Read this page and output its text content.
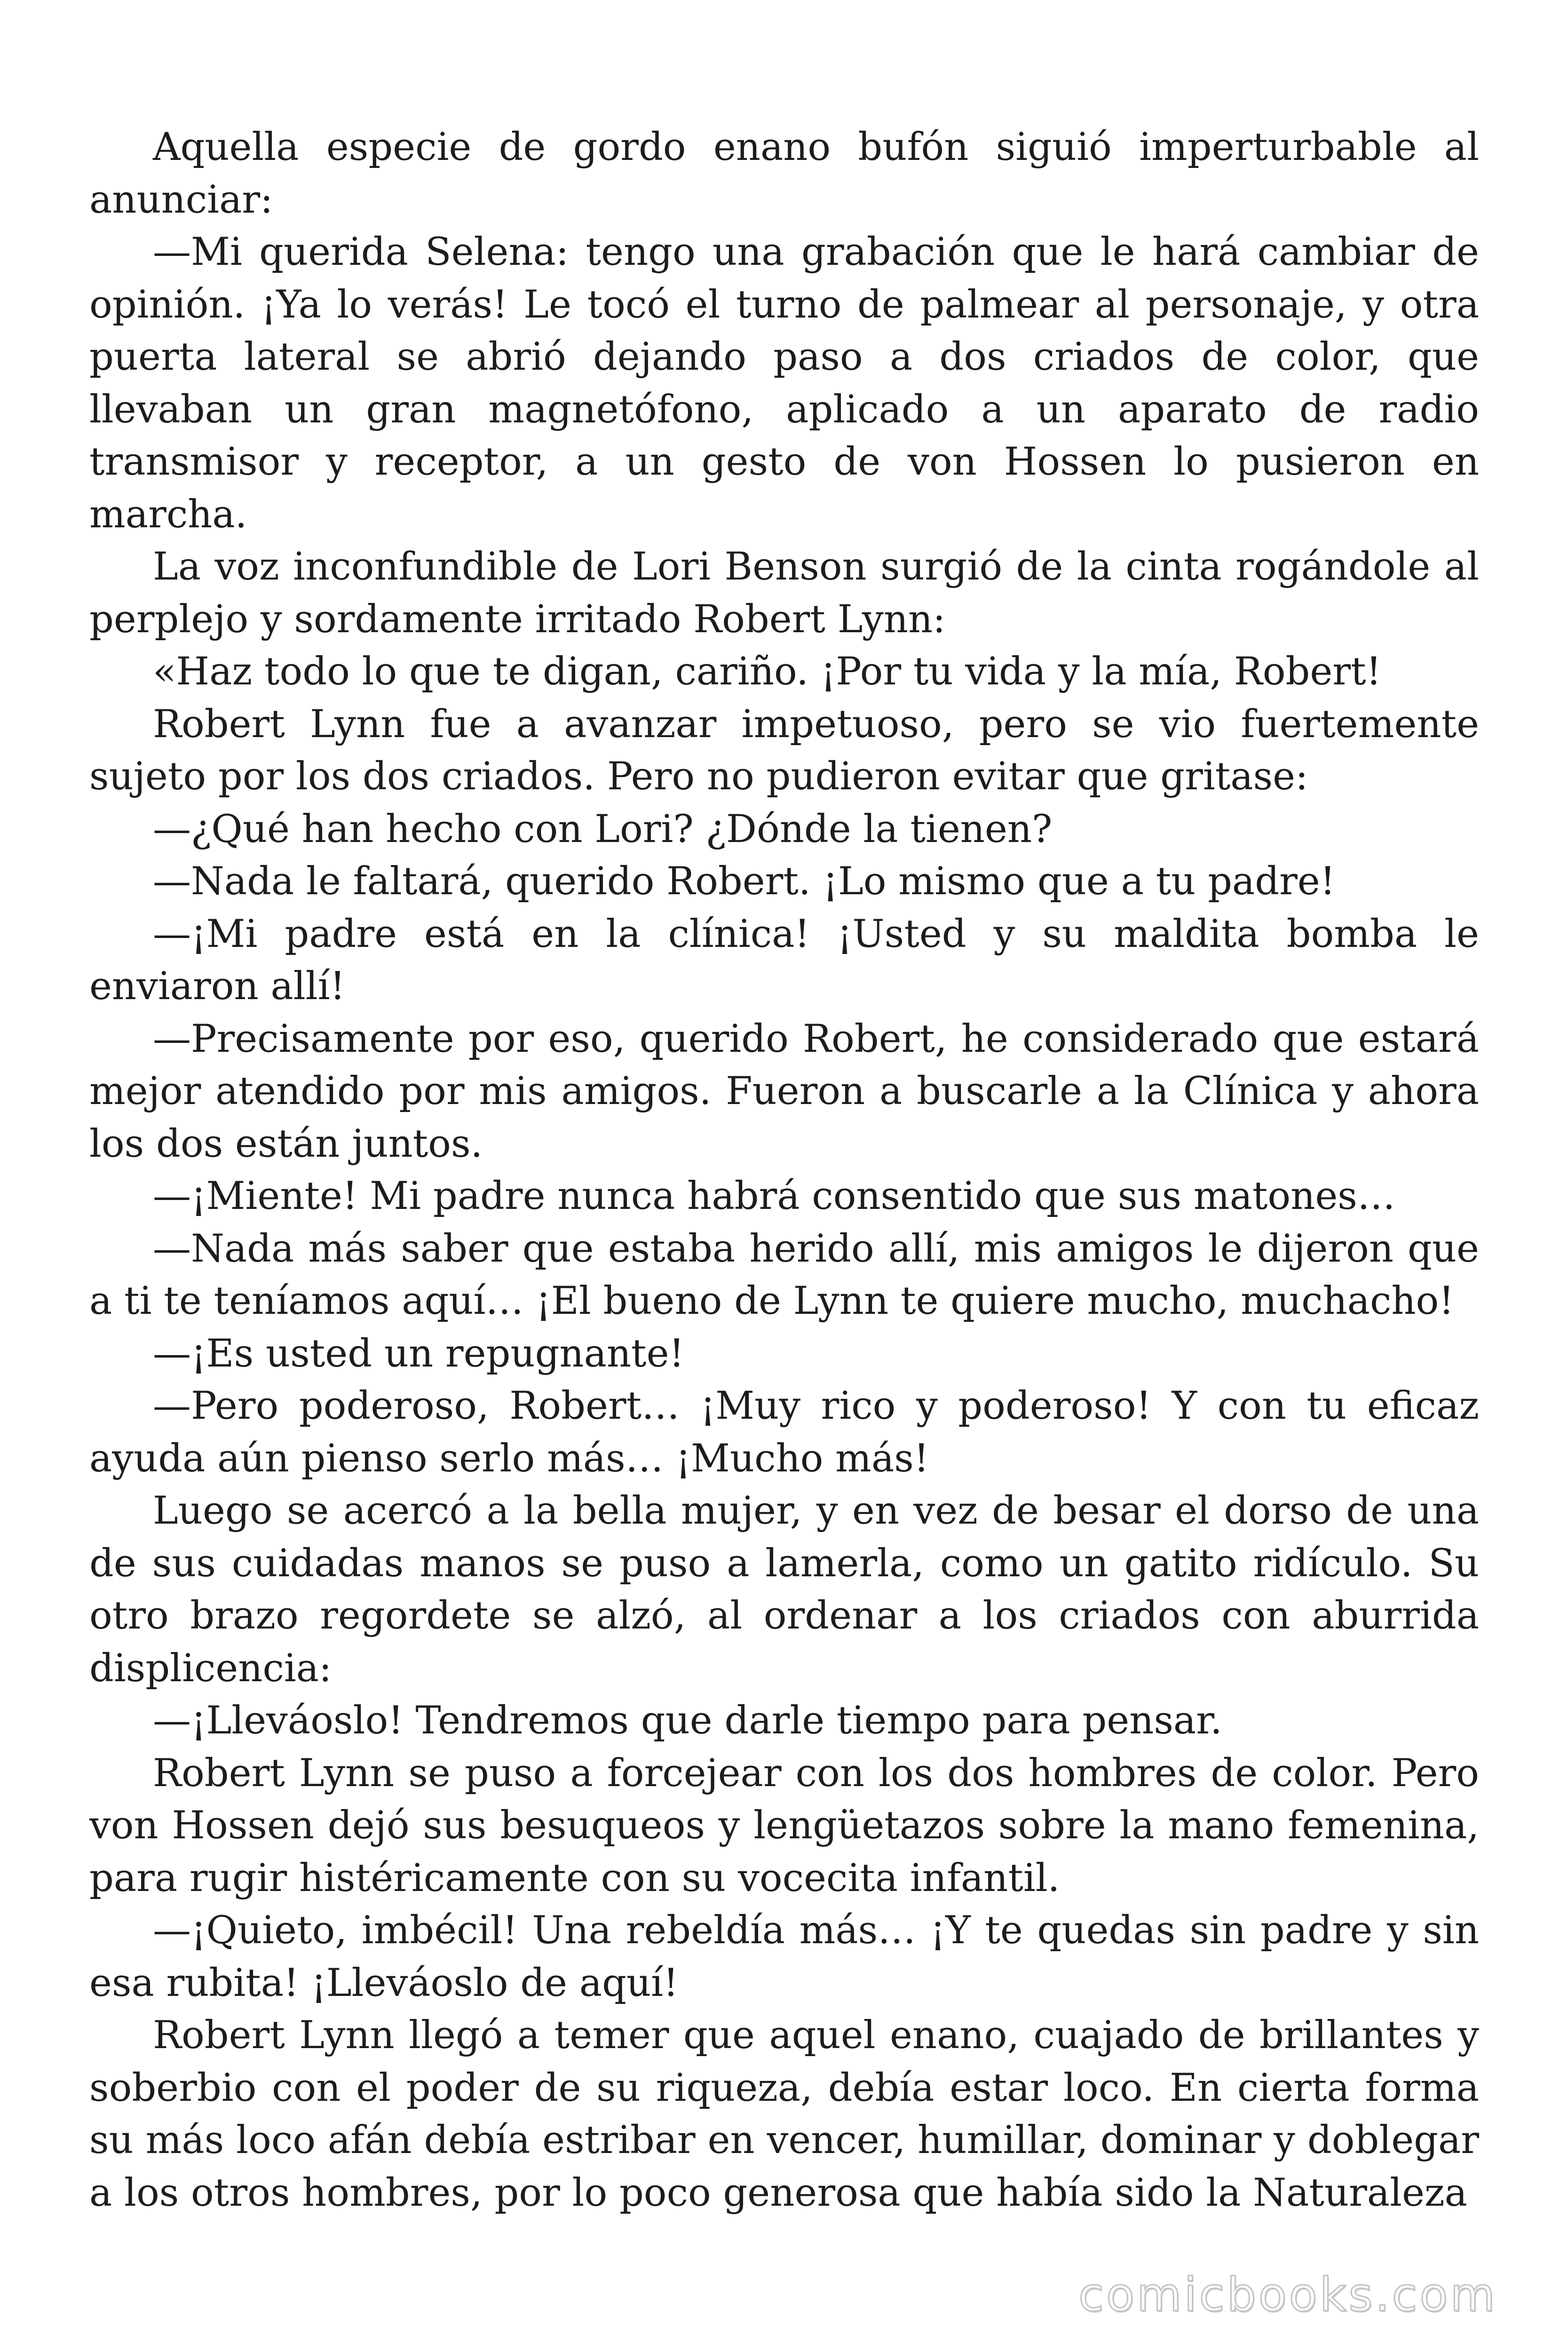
Aquella especie de gordo enano bufón siguió imperturbable al anunciar:

—Mi querida Selena: tengo una grabación que le hará cambiar de opinión. ¡Ya lo verás! Le tocó el turno de palmear al personaje, y otra puerta lateral se abrió dejando paso a dos criados de color, que llevaban un gran magnetófono, aplicado a un aparato de radio transmisor y receptor, a un gesto de von Hossen lo pusieron en marcha.

La voz inconfundible de Lori Benson surgió de la cinta rogándole al perplejo y sordamente irritado Robert Lynn:

«Haz todo lo que te digan, cariño. ¡Por tu vida y la mía, Robert!

Robert Lynn fue a avanzar impetuoso, pero se vio fuertemente sujeto por los dos criados. Pero no pudieron evitar que gritase:

—¿Qué han hecho con Lori? ¿Dónde la tienen?

—Nada le faltará, querido Robert. ¡Lo mismo que a tu padre!

—¡Mi padre está en la clínica! ¡Usted y su maldita bomba le enviaron allí!

—Precisamente por eso, querido Robert, he considerado que estará mejor atendido por mis amigos. Fueron a buscarle a la Clínica y ahora los dos están juntos.

—¡Miente! Mi padre nunca habrá consentido que sus matones…

—Nada más saber que estaba herido allí, mis amigos le dijeron que a ti te teníamos aquí… ¡El bueno de Lynn te quiere mucho, muchacho!

—¡Es usted un repugnante!

—Pero poderoso, Robert… ¡Muy rico y poderoso! Y con tu eficaz ayuda aún pienso serlo más… ¡Mucho más!

Luego se acercó a la bella mujer, y en vez de besar el dorso de una de sus cuidadas manos se puso a lamerla, como un gatito ridículo. Su otro brazo regordete se alzó, al ordenar a los criados con aburrida displicencia:

—¡Lleváoslo! Tendremos que darle tiempo para pensar.

Robert Lynn se puso a forcejear con los dos hombres de color. Pero von Hossen dejó sus besuqueos y lengüetazos sobre la mano femenina, para rugir histéricamente con su vocecita infantil.

—¡Quieto, imbécil! Una rebeldía más… ¡Y te quedas sin padre y sin esa rubita! ¡Lleváoslo de aquí!

Robert Lynn llegó a temer que aquel enano, cuajado de brillantes y soberbio con el poder de su riqueza, debía estar loco. En cierta forma su más loco afán debía estribar en vencer, humillar, dominar y doblegar a los otros hombres, por lo poco generosa que había sido la Naturaleza

comicbooks.com
